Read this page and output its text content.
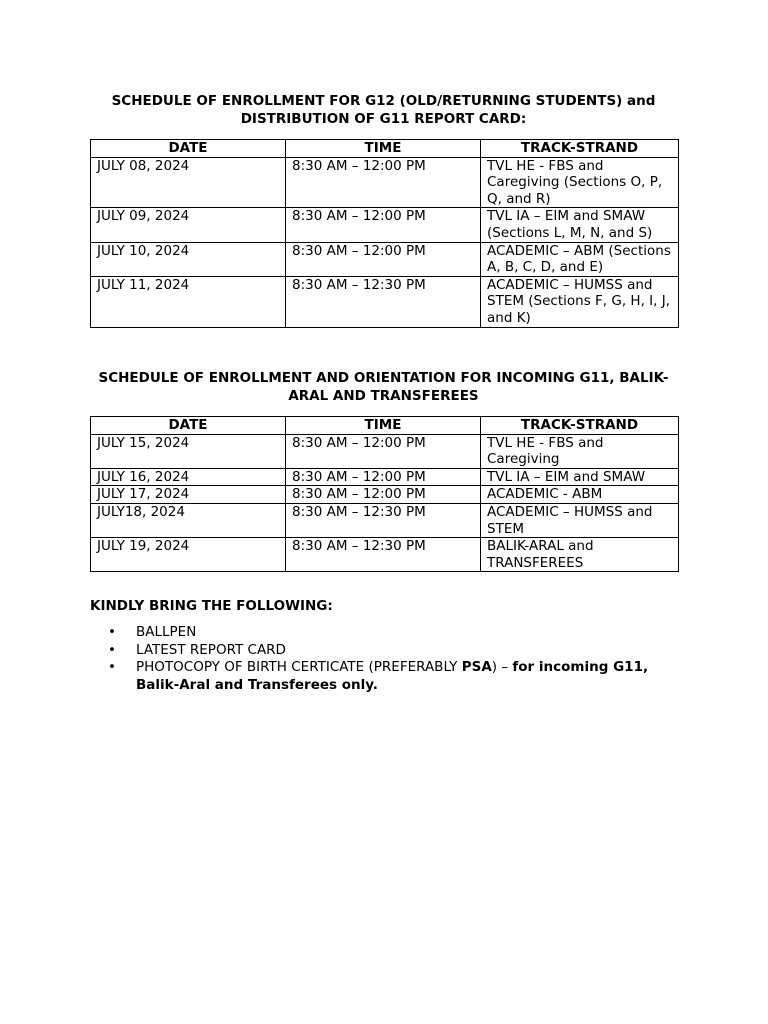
SCHEDULE OF ENROLLMENT FOR G12 (OLD/RETURNING STUDENTS) and
DISTRIBUTION OF G11 REPORT CARD:
DATE	TIME	TRACK-STRAND
JULY 08, 2024	8:30 AM – 12:00 PM	TVL HE - FBS and Caregiving (Sections O, P, Q, and R)
JULY 09, 2024	8:30 AM – 12:00 PM	TVL IA – EIM and SMAW (Sections L, M, N, and S)
JULY 10, 2024	8:30 AM – 12:00 PM	ACADEMIC – ABM (Sections A, B, C, D, and E)
JULY 11, 2024	8:30 AM – 12:30 PM	ACADEMIC – HUMSS and STEM (Sections F, G, H, I, J, and K)
SCHEDULE OF ENROLLMENT AND ORIENTATION FOR INCOMING G11, BALIK-
ARAL AND TRANSFEREES
DATE	TIME	TRACK-STRAND
JULY 15, 2024	8:30 AM – 12:00 PM	TVL HE - FBS and Caregiving
JULY 16, 2024	8:30 AM – 12:00 PM	TVL IA – EIM and SMAW
JULY 17, 2024	8:30 AM – 12:00 PM	ACADEMIC - ABM
JULY18, 2024	8:30 AM – 12:30 PM	ACADEMIC – HUMSS and STEM
JULY 19, 2024	8:30 AM – 12:30 PM	BALIK-ARAL and TRANSFEREES
KINDLY BRING THE FOLLOWING:
• BALLPEN
• LATEST REPORT CARD
• PHOTOCOPY OF BIRTH CERTICATE (PREFERABLY PSA) – for incoming G11, Balik-Aral and Transferees only.
